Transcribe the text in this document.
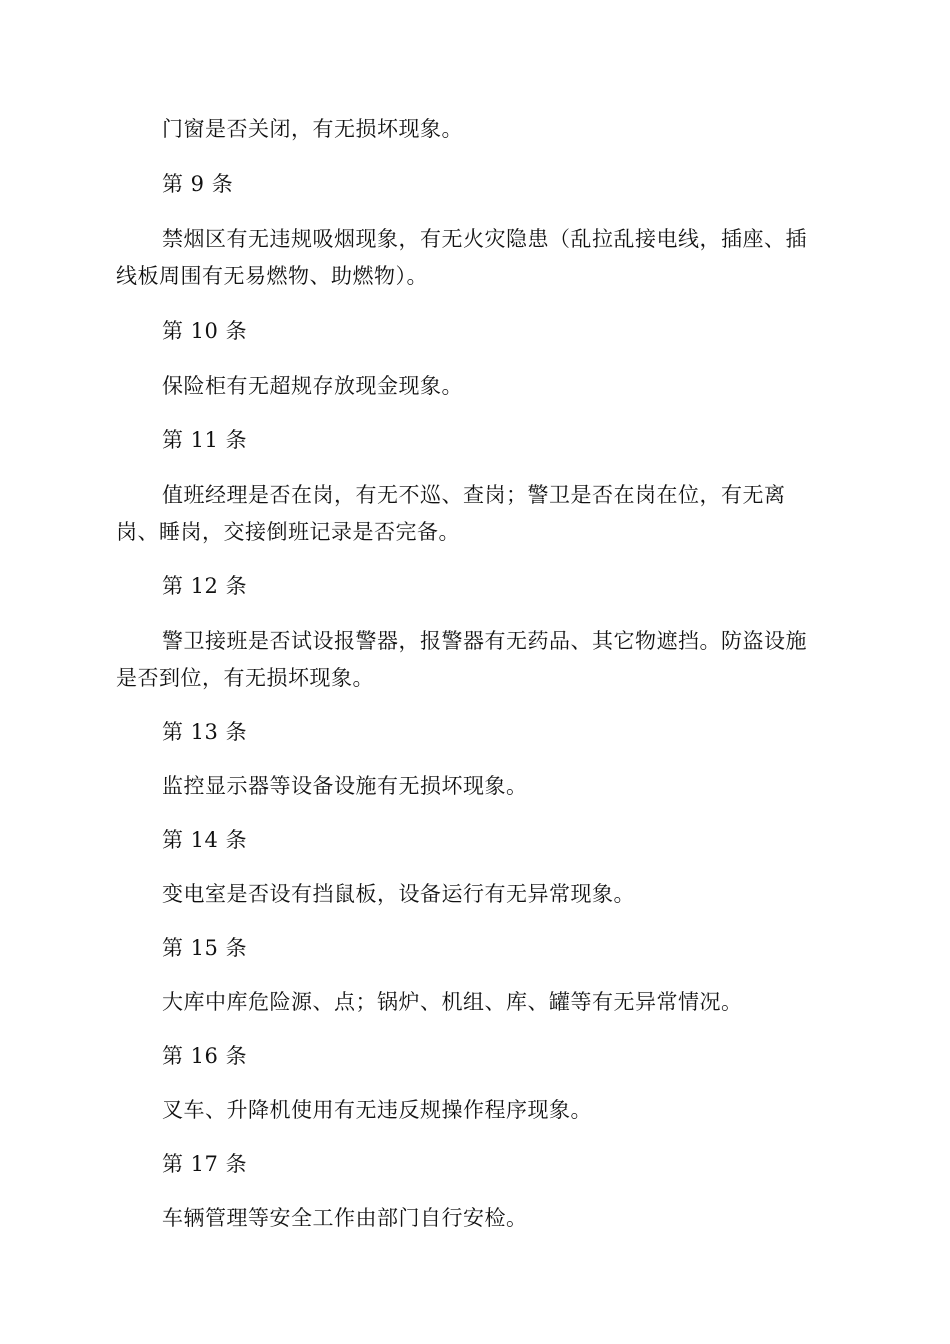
门窗是否关闭，有无损坏现象。
第 9 条
禁烟区有无违规吸烟现象，有无火灾隐患（乱拉乱接电线，插座、插
线板周围有无易燃物、助燃物）。
第 10 条
保险柜有无超规存放现金现象。
第 11 条
值班经理是否在岗，有无不巡、查岗；警卫是否在岗在位，有无离
岗、睡岗，交接倒班记录是否完备。
第 12 条
警卫接班是否试设报警器，报警器有无药品、其它物遮挡。防盗设施
是否到位，有无损坏现象。
第 13 条
监控显示器等设备设施有无损坏现象。
第 14 条
变电室是否设有挡鼠板，设备运行有无异常现象。
第 15 条
大库中库危险源、点；锅炉、机组、库、罐等有无异常情况。
第 16 条
叉车、升降机使用有无违反规操作程序现象。
第 17 条
车辆管理等安全工作由部门自行安检。
